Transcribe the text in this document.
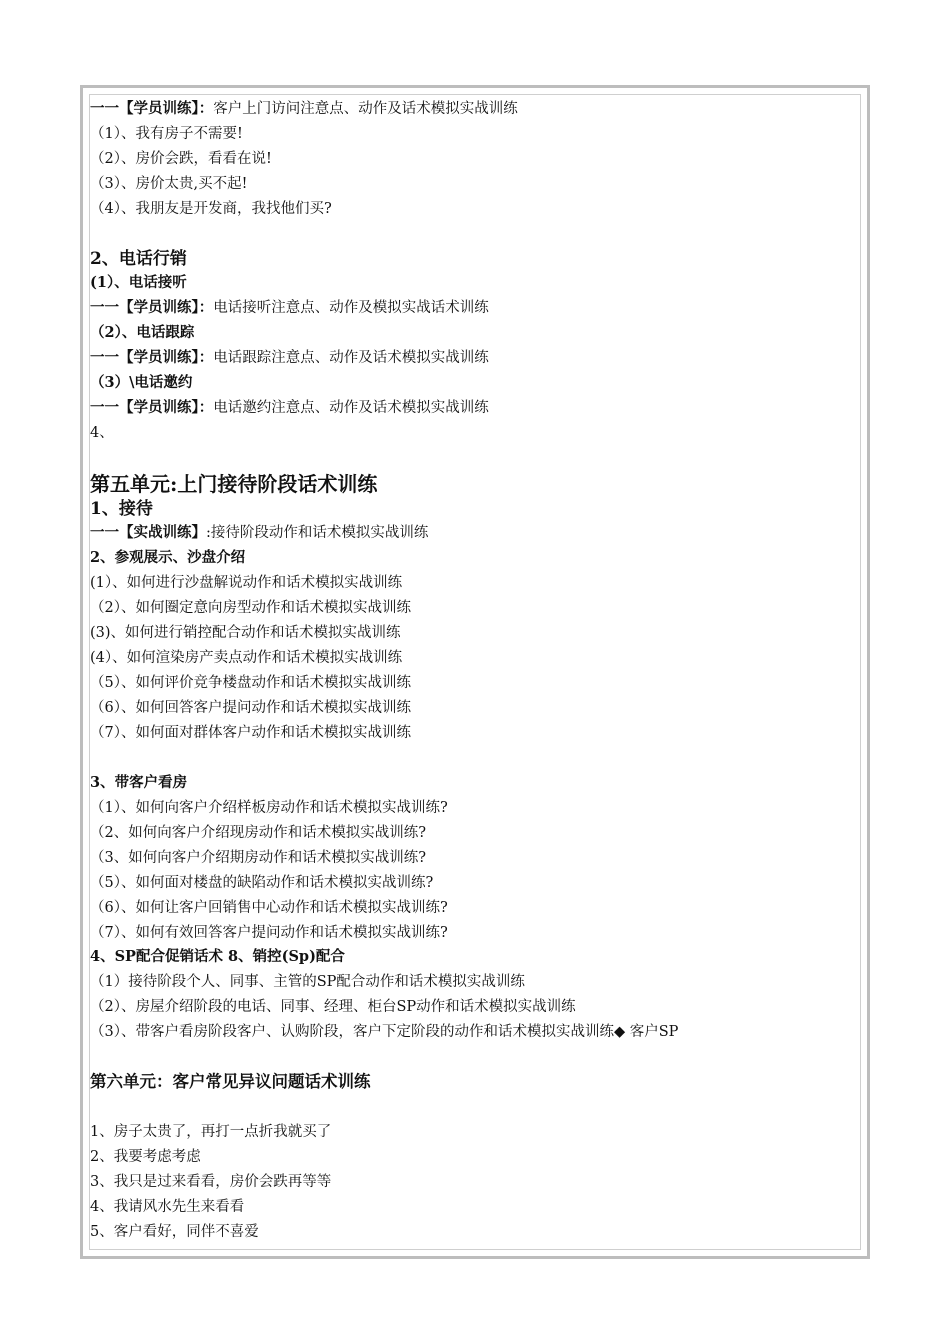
一一【学员训练】：客户上门访问注意点、动作及话术模拟实战训练
（1）、我有房子不需要!
（2）、房价会跌，看看在说!
（3）、房价太贵,买不起!
（4）、我朋友是开发商，我找他们买?
2、电话行销
(1）、电话接听
一一【学员训练】：电话接听注意点、动作及模拟实战话术训练
（2）、电话跟踪
一一【学员训练】：电话跟踪注意点、动作及话术模拟实战训练
（3）\电话邀约
一一【学员训练】：电话邀约注意点、动作及话术模拟实战训练
4、
第五单元:上门接待阶段话术训练
1、接待
一一【实战训练】:接待阶段动作和话术模拟实战训练
2、参观展示、沙盘介绍
(1）、如何进行沙盘解说动作和话术模拟实战训练
（2）、如何圈定意向房型动作和话术模拟实战训练
(3)、如何进行销控配合动作和话术模拟实战训练
(4）、如何渲染房产卖点动作和话术模拟实战训练
（5）、如何评价竞争楼盘动作和话术模拟实战训练
（6）、如何回答客户提问动作和话术模拟实战训练
（7）、如何面对群体客户动作和话术模拟实战训练
3、带客户看房
（1）、如何向客户介绍样板房动作和话术模拟实战训练?
（2、如何向客户介绍现房动作和话术模拟实战训练?
（3、如何向客户介绍期房动作和话术模拟实战训练?
（5）、如何面对楼盘的缺陷动作和话术模拟实战训练?
（6）、如何让客户回销售中心动作和话术模拟实战训练?
（7）、如何有效回答客户提问动作和话术模拟实战训练?
4、SP配合促销话术 8、销控(Sp)配合
（1）接待阶段个人、同事、主管的SP配合动作和话术模拟实战训练
（2）、房屋介绍阶段的电话、同事、经理、柜台SP动作和话术模拟实战训练
（3）、带客户看房阶段客户、认购阶段，客户下定阶段的动作和话术模拟实战训练◆ 客户SP
第六单元：客户常见异议问题话术训练
1、房子太贵了，再打一点折我就买了
2、我要考虑考虑
3、我只是过来看看，房价会跌再等等
4、我请风水先生来看看
5、客户看好，同伴不喜爱
